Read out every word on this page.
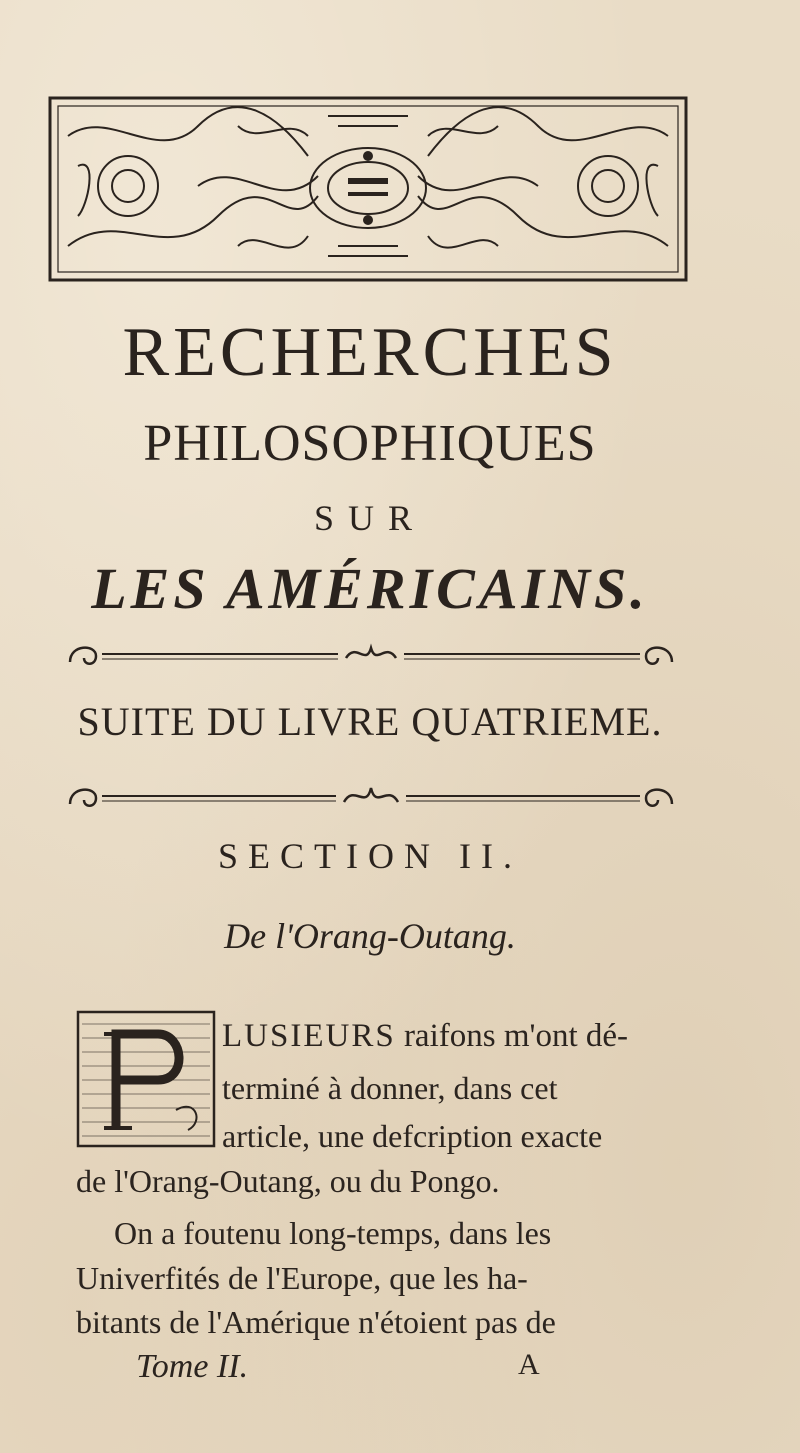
RECHERCHES
PHILOSOPHIQUES
SUR
LES AMÉRICAINS.
SUITE DU LIVRE QUATRIEME.
SECTION II.
De l'Orang-Outang.
LUSIEURS raifons m'ont dé-
terminé à donner, dans cet
article, une defcription exacte
de l'Orang-Outang, ou du Pongo.
On a foutenu long-temps, dans les
Univerfités de l'Europe, que les ha-
bitants de l'Amérique n'étoient pas de
Tome II.	A
